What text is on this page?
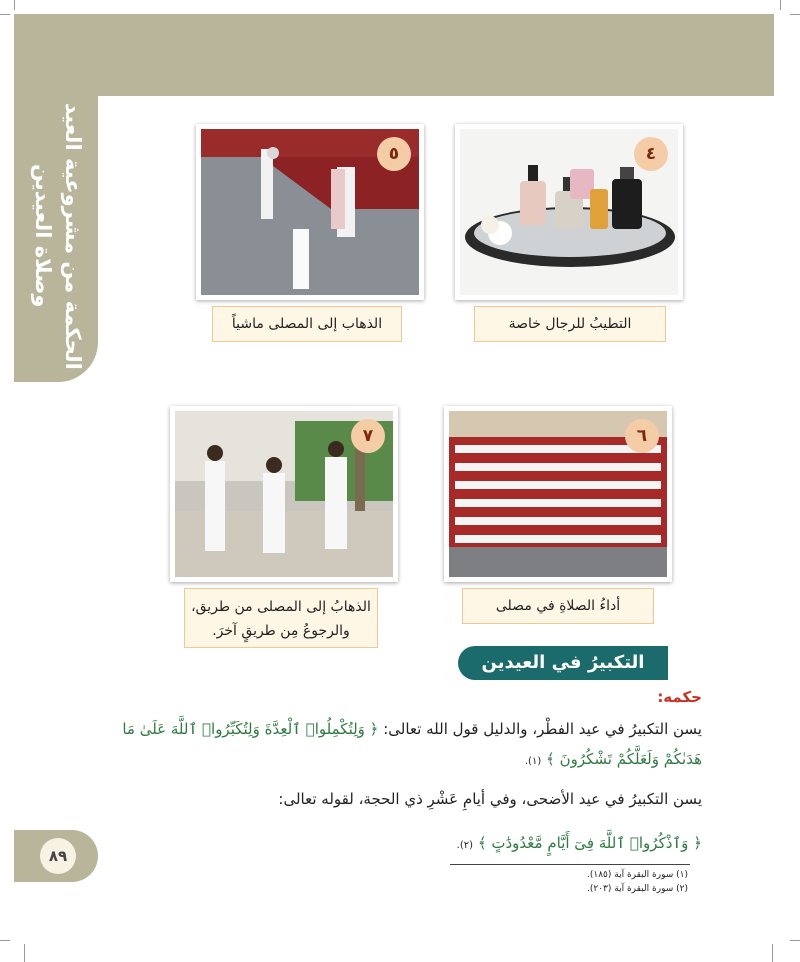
الحكمة من مشروعية العيد وصلاة العيدين
٤
التطيبُ للرجال خاصة
٥
الذهاب إلى المصلى ماشياً
٦
أداءُ الصلاةِ في مصلى
٧
الذهابُ إلى المصلى من طريق،
والرجوعُ مِن طريقٍ آخرَ.
التكبيرُ في العيدين
حكمه:
يسن التكبيرُ في عيد الفطْر، والدليل قول الله تعالى: ﴿ وَلِتُكْمِلُوا۟ ٱلْعِدَّةَ وَلِتُكَبِّرُوا۟ ٱللَّهَ عَلَىٰ مَا هَدَىٰكُمْ وَلَعَلَّكُمْ تَشْكُرُونَ ﴾ (١).
يسن التكبيرُ في عيد الأضحى، وفي أيامِ عَشْرِ ذي الحجة، لقوله تعالى:
﴿ وَٱذْكُرُوا۟ ٱللَّهَ فِىٓ أَيَّامٍ مَّعْدُودَٰتٍ ﴾ (٢).
(١) سورة البقرة آية (١٨٥).
(٢) سورة البقرة آية (٢٠٣).
٨٩
